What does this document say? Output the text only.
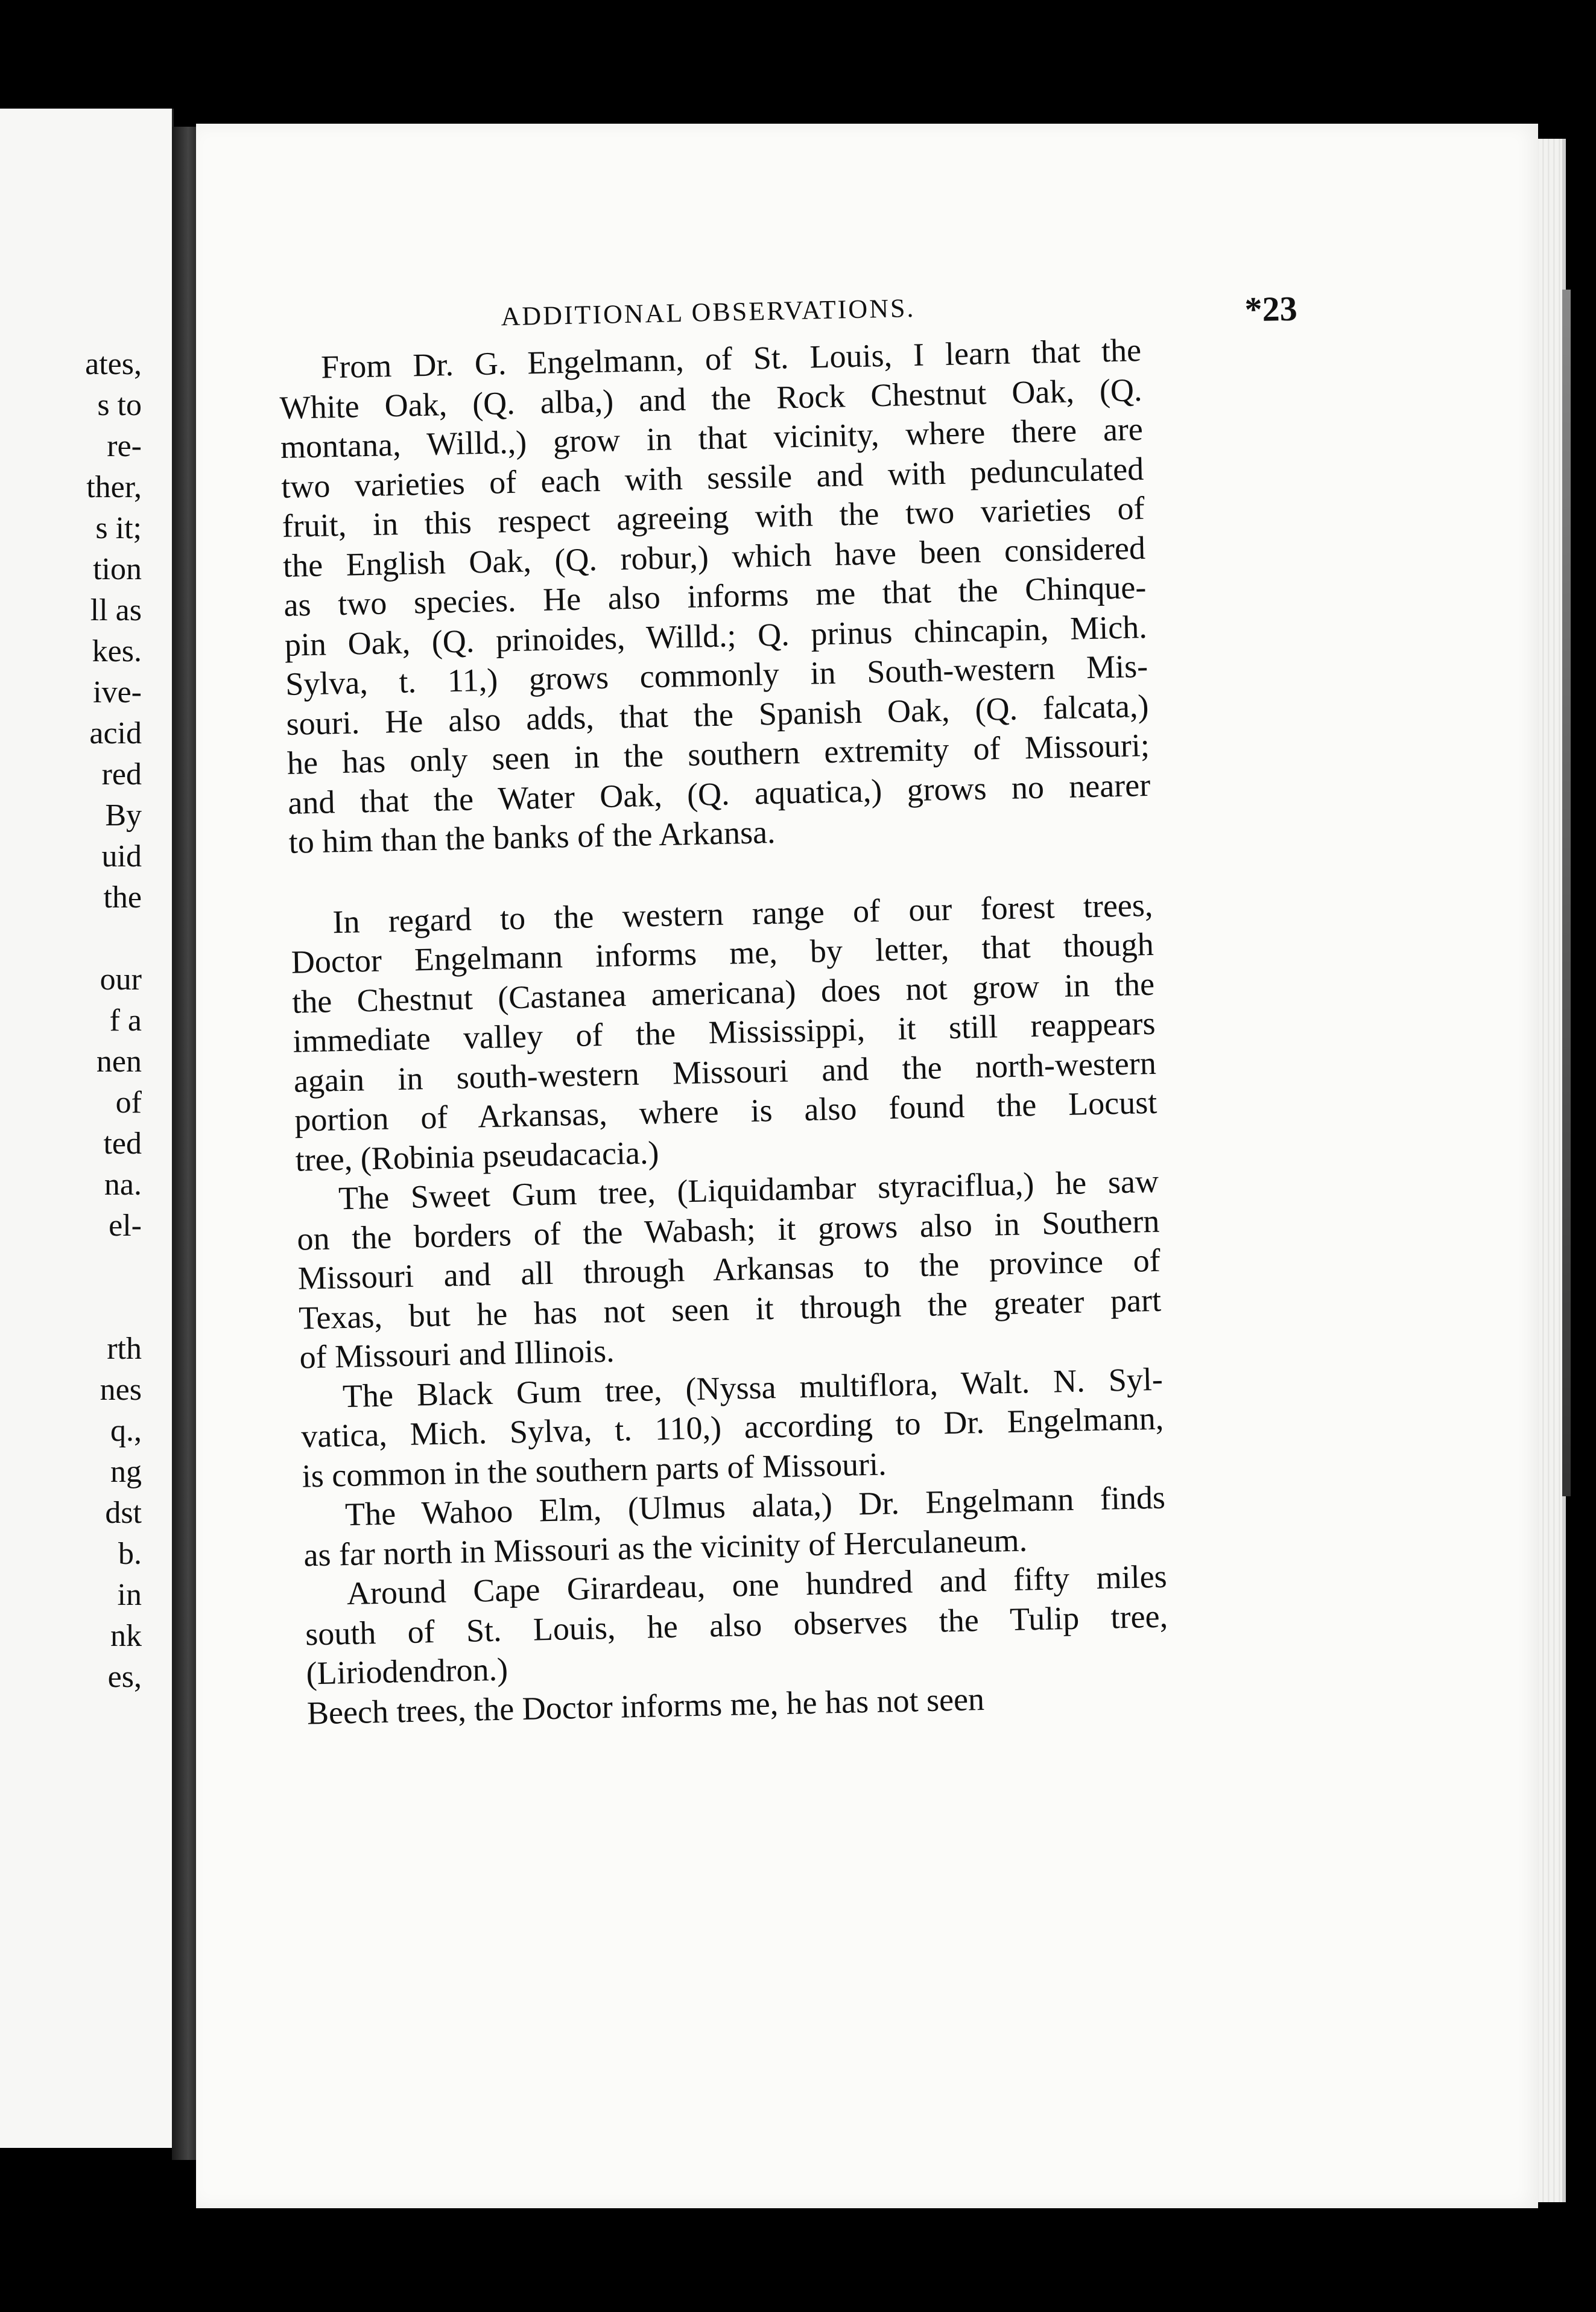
ates,
s to
re-
ther,
s it;
tion
ll as
kes.
ive-
acid
red
By
uid
the
our
f a
nen
of
ted
na.
el-
rth
nes
q.,
ng
dst
b.
in
nk
es,
ADDITIONAL OBSERVATIONS.	*23
From Dr. G. Engelmann, of St. Louis, I learn that the
White Oak, (Q. alba,) and the Rock Chestnut Oak, (Q.
montana, Willd.,) grow in that vicinity, where there are
two varieties of each with sessile and with pedunculated
fruit, in this respect agreeing with the two varieties of
the English Oak, (Q. robur,) which have been considered
as two species. He also informs me that the Chinque-
pin Oak, (Q. prinoides, Willd.; Q. prinus chincapin, Mich.
Sylva, t. 11,) grows commonly in South-western Mis-
souri. He also adds, that the Spanish Oak, (Q. falcata,)
he has only seen in the southern extremity of Missouri;
and that the Water Oak, (Q. aquatica,) grows no nearer
to him than the banks of the Arkansa.
In regard to the western range of our forest trees,
Doctor Engelmann informs me, by letter, that though
the Chestnut (Castanea americana) does not grow in the
immediate valley of the Mississippi, it still reappears
again in south-western Missouri and the north-western
portion of Arkansas, where is also found the Locust
tree, (Robinia pseudacacia.)
The Sweet Gum tree, (Liquidambar styraciflua,) he saw
on the borders of the Wabash; it grows also in Southern
Missouri and all through Arkansas to the province of
Texas, but he has not seen it through the greater part
of Missouri and Illinois.
The Black Gum tree, (Nyssa multiflora, Walt. N. Syl-
vatica, Mich. Sylva, t. 110,) according to Dr. Engelmann,
is common in the southern parts of Missouri.
The Wahoo Elm, (Ulmus alata,) Dr. Engelmann finds
as far north in Missouri as the vicinity of Herculaneum.
Around Cape Girardeau, one hundred and fifty miles
south of St. Louis, he also observes the Tulip tree,
(Liriodendron.)
Beech trees, the Doctor informs me, he has not seen
